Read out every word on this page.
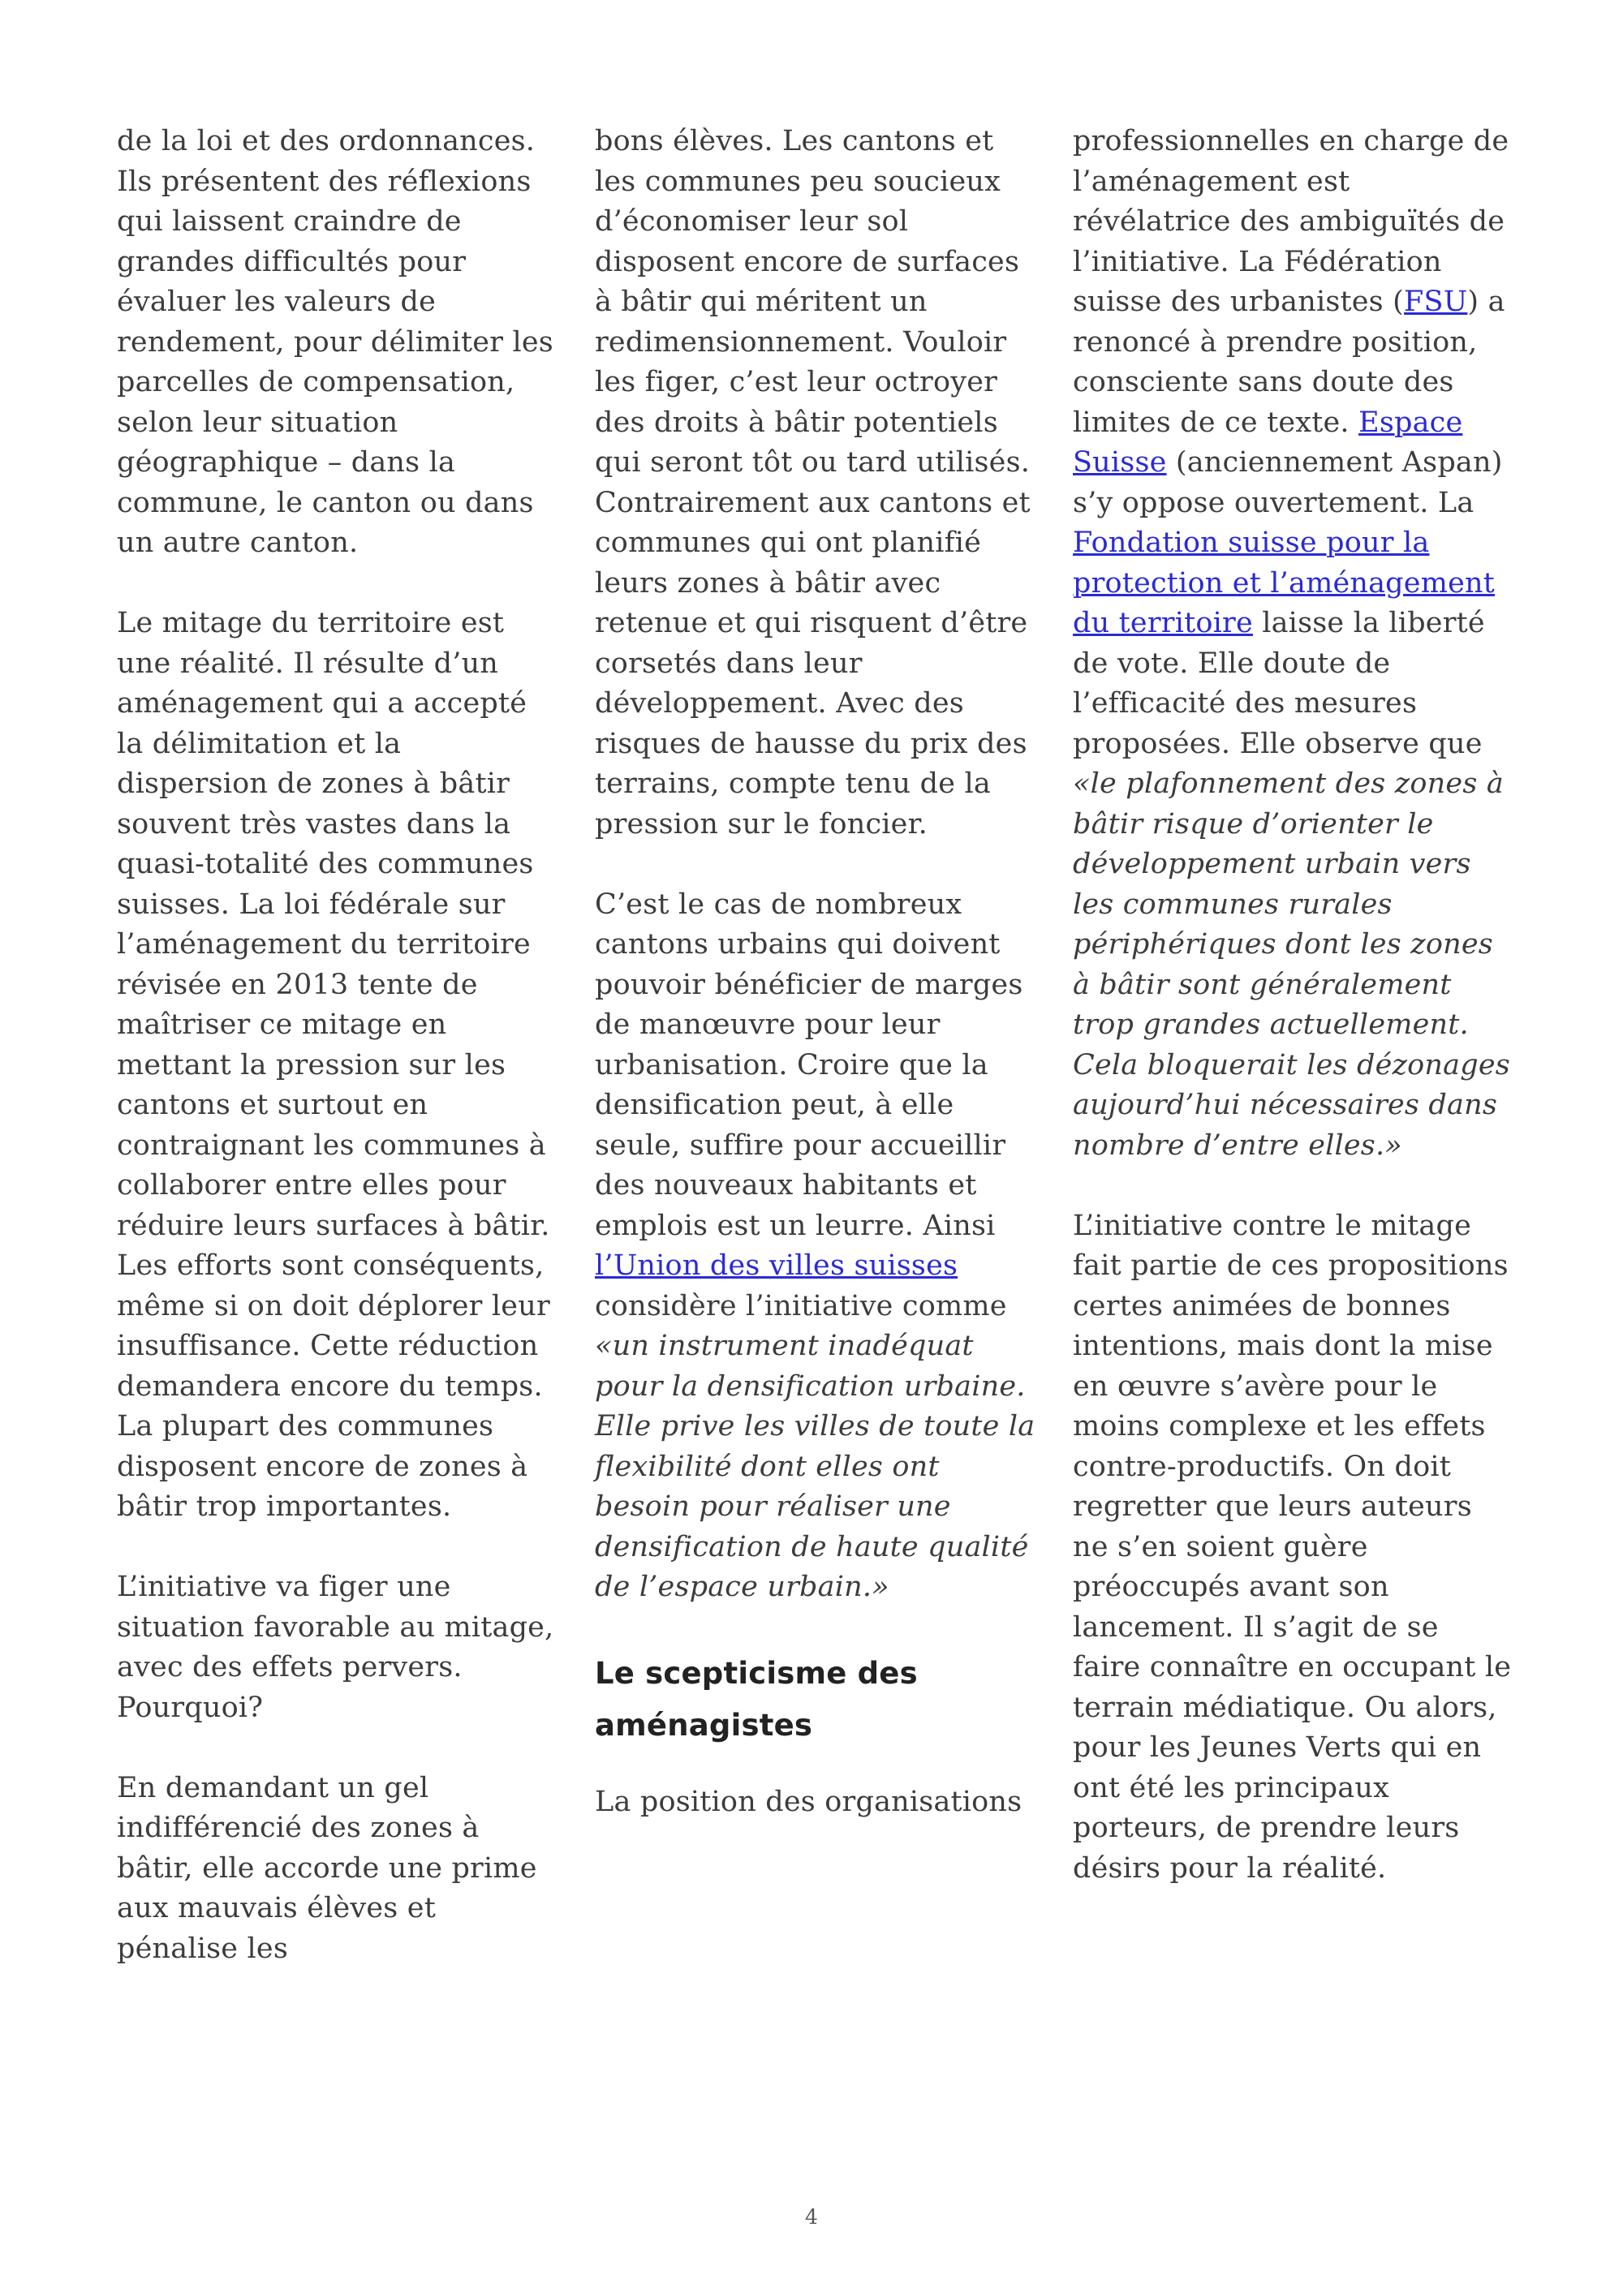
de la loi et des ordonnances. Ils présentent des réflexions qui laissent craindre de grandes difficultés pour évaluer les valeurs de rendement, pour délimiter les parcelles de compensation, selon leur situation géographique – dans la commune, le canton ou dans un autre canton.

Le mitage du territoire est une réalité. Il résulte d’un aménagement qui a accepté la délimitation et la dispersion de zones à bâtir souvent très vastes dans la quasi-totalité des communes suisses. La loi fédérale sur l’aménagement du territoire révisée en 2013 tente de maîtriser ce mitage en mettant la pression sur les cantons et surtout en contraignant les communes à collaborer entre elles pour réduire leurs surfaces à bâtir. Les efforts sont conséquents, même si on doit déplorer leur insuffisance. Cette réduction demandera encore du temps. La plupart des communes disposent encore de zones à bâtir trop importantes.

L’initiative va figer une situation favorable au mitage, avec des effets pervers. Pourquoi?

En demandant un gel indifférencié des zones à bâtir, elle accorde une prime aux mauvais élèves et pénalise les

bons élèves. Les cantons et les communes peu soucieux d’économiser leur sol disposent encore de surfaces à bâtir qui méritent un redimensionnement. Vouloir les figer, c’est leur octroyer des droits à bâtir potentiels qui seront tôt ou tard utilisés. Contrairement aux cantons et communes qui ont planifié leurs zones à bâtir avec retenue et qui risquent d’être corsetés dans leur développement. Avec des risques de hausse du prix des terrains, compte tenu de la pression sur le foncier.

C’est le cas de nombreux cantons urbains qui doivent pouvoir bénéficier de marges de manœuvre pour leur urbanisation. Croire que la densification peut, à elle seule, suffire pour accueillir des nouveaux habitants et emplois est un leurre. Ainsi l’Union des villes suisses considère l’initiative comme «un instrument inadéquat pour la densification urbaine. Elle prive les villes de toute la flexibilité dont elles ont besoin pour réaliser une densification de haute qualité de l’espace urbain.»

Le scepticisme des aménagistes

La position des organisations

professionnelles en charge de l’aménagement est révélatrice des ambiguïtés de l’initiative. La Fédération suisse des urbanistes (FSU) a renoncé à prendre position, consciente sans doute des limites de ce texte. Espace Suisse (anciennement Aspan) s’y oppose ouvertement. La Fondation suisse pour la protection et l’aménagement du territoire laisse la liberté de vote. Elle doute de l’efficacité des mesures proposées. Elle observe que «le plafonnement des zones à bâtir risque d’orienter le développement urbain vers les communes rurales périphériques dont les zones à bâtir sont généralement trop grandes actuellement. Cela bloquerait les dézonages aujourd’hui nécessaires dans nombre d’entre elles.»

L’initiative contre le mitage fait partie de ces propositions certes animées de bonnes intentions, mais dont la mise en œuvre s’avère pour le moins complexe et les effets contre-productifs. On doit regretter que leurs auteurs ne s’en soient guère préoccupés avant son lancement. Il s’agit de se faire connaître en occupant le terrain médiatique. Ou alors, pour les Jeunes Verts qui en ont été les principaux porteurs, de prendre leurs désirs pour la réalité.

4
